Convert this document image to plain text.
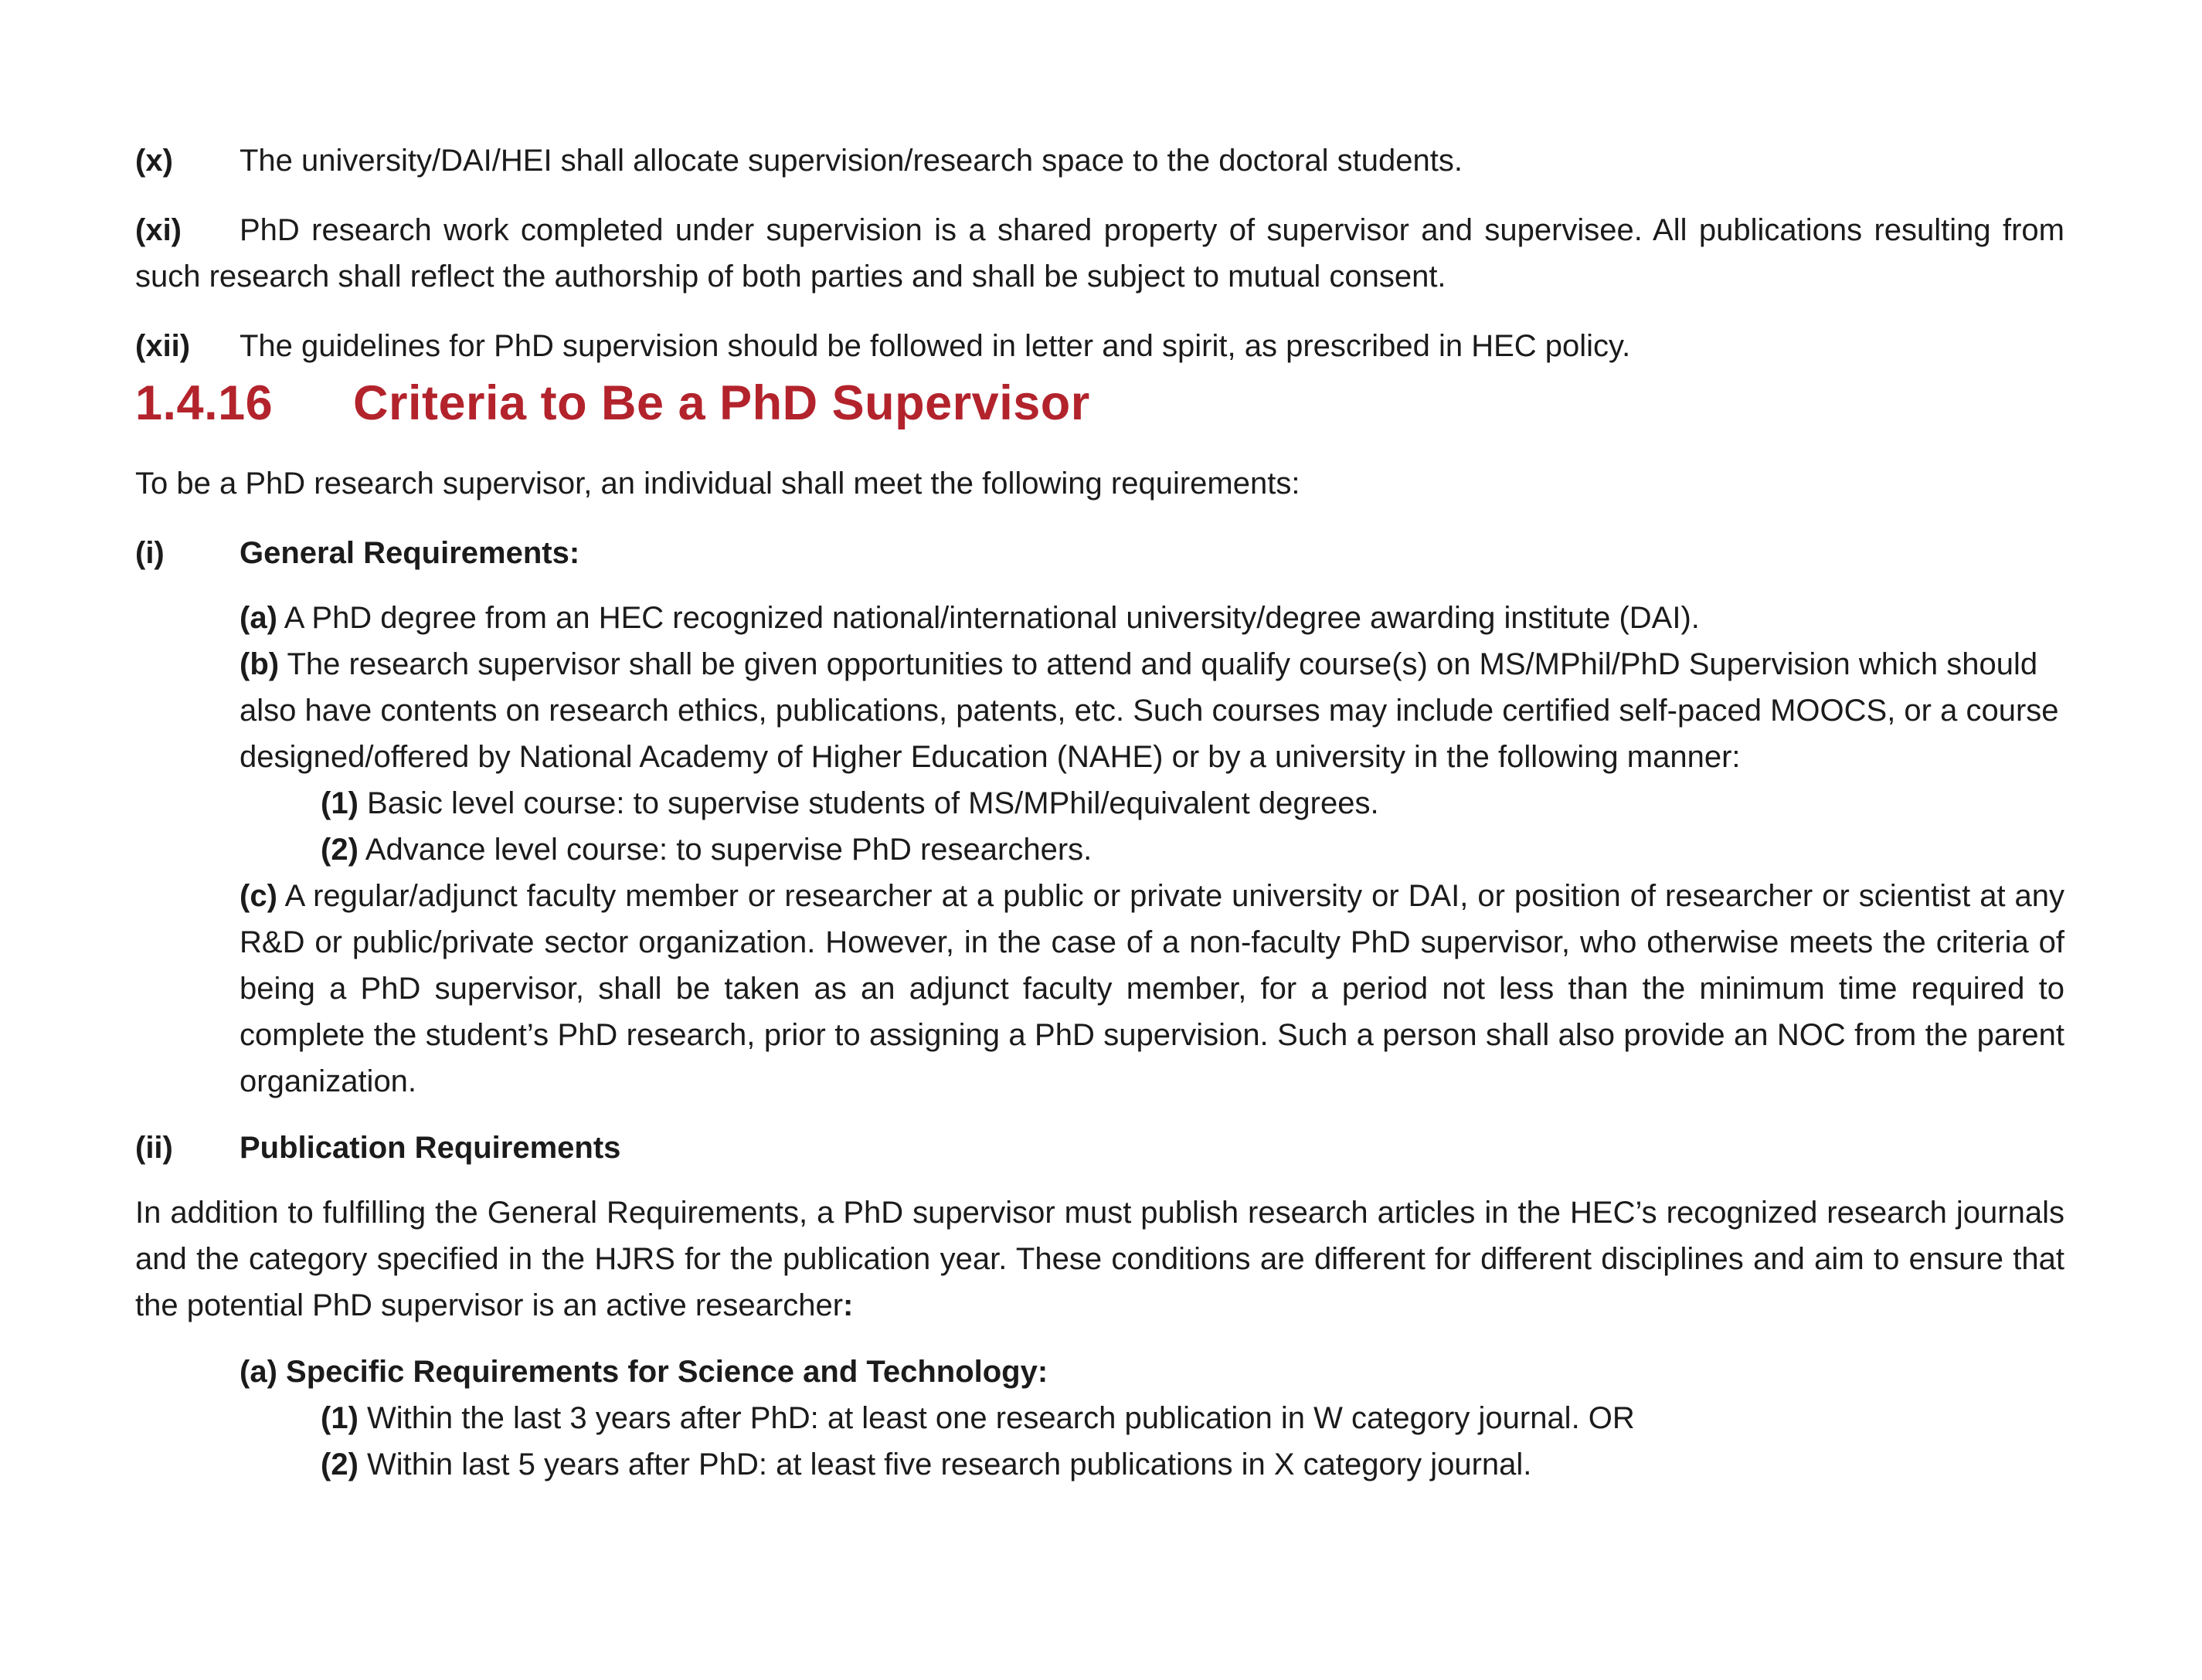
(x) The university/DAI/HEI shall allocate supervision/research space to the doctoral students.

(xi) PhD research work completed under supervision is a shared property of supervisor and supervisee. All publications resulting from such research shall reflect the authorship of both parties and shall be subject to mutual consent.

(xii) The guidelines for PhD supervision should be followed in letter and spirit, as prescribed in HEC policy.

1.4.16 Criteria to Be a PhD Supervisor

To be a PhD research supervisor, an individual shall meet the following requirements:

(i) General Requirements:

(a) A PhD degree from an HEC recognized national/international university/degree awarding institute (DAI).

(b) The research supervisor shall be given opportunities to attend and qualify course(s) on MS/MPhil/PhD Supervision which should also have contents on research ethics, publications, patents, etc. Such courses may include certified self-paced MOOCS, or a course designed/offered by National Academy of Higher Education (NAHE) or by a university in the following manner:

(1) Basic level course: to supervise students of MS/MPhil/equivalent degrees.

(2) Advance level course: to supervise PhD researchers.

(c) A regular/adjunct faculty member or researcher at a public or private university or DAI, or position of researcher or scientist at any R&D or public/private sector organization. However, in the case of a non-faculty PhD supervisor, who otherwise meets the criteria of being a PhD supervisor, shall be taken as an adjunct faculty member, for a period not less than the minimum time required to complete the student’s PhD research, prior to assigning a PhD supervision. Such a person shall also provide an NOC from the parent organization.

(ii) Publication Requirements

In addition to fulfilling the General Requirements, a PhD supervisor must publish research articles in the HEC’s recognized research journals and the category specified in the HJRS for the publication year. These conditions are different for different disciplines and aim to ensure that the potential PhD supervisor is an active researcher:

(a) Specific Requirements for Science and Technology:

(1) Within the last 3 years after PhD: at least one research publication in W category journal. OR

(2) Within last 5 years after PhD: at least five research publications in X category journal.
